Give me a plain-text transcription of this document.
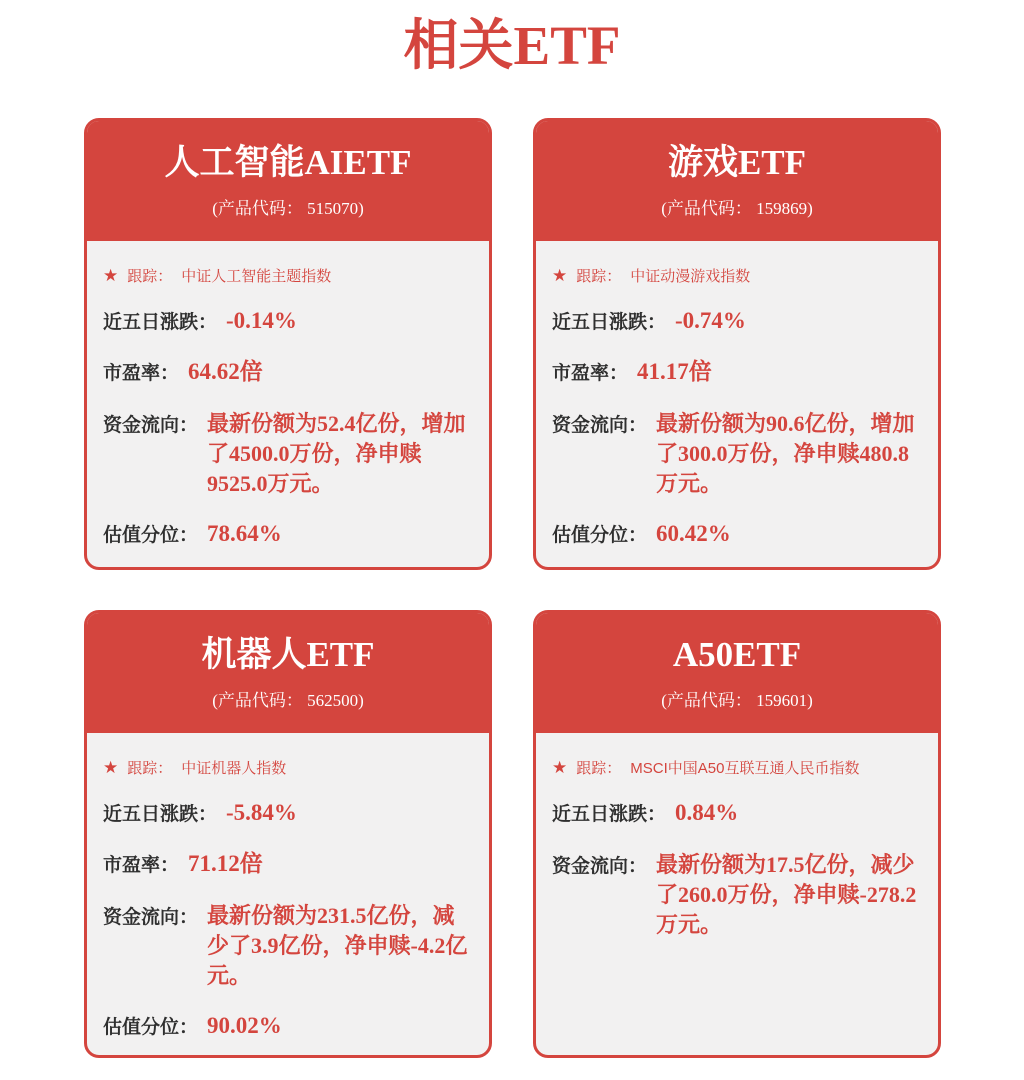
相关ETF
人工智能AIETF
(产品代码： 515070)
★ 跟踪： 中证人工智能主题指数
近五日涨跌： -0.14%
市盈率： 64.62倍
资金流向： 最新份额为52.4亿份，增加了4500.0万份，净申赎9525.0万元。
估值分位： 78.64%
游戏ETF
(产品代码： 159869)
★ 跟踪： 中证动漫游戏指数
近五日涨跌： -0.74%
市盈率： 41.17倍
资金流向： 最新份额为90.6亿份，增加了300.0万份，净申赎480.8万元。
估值分位： 60.42%
机器人ETF
(产品代码： 562500)
★ 跟踪： 中证机器人指数
近五日涨跌： -5.84%
市盈率： 71.12倍
资金流向： 最新份额为231.5亿份，减少了3.9亿份，净申赎-4.2亿元。
估值分位： 90.02%
A50ETF
(产品代码： 159601)
★ 跟踪： MSCI中国A50互联互通人民币指数
近五日涨跌： 0.84%
资金流向： 最新份额为17.5亿份，减少了260.0万份，净申赎-278.2万元。
